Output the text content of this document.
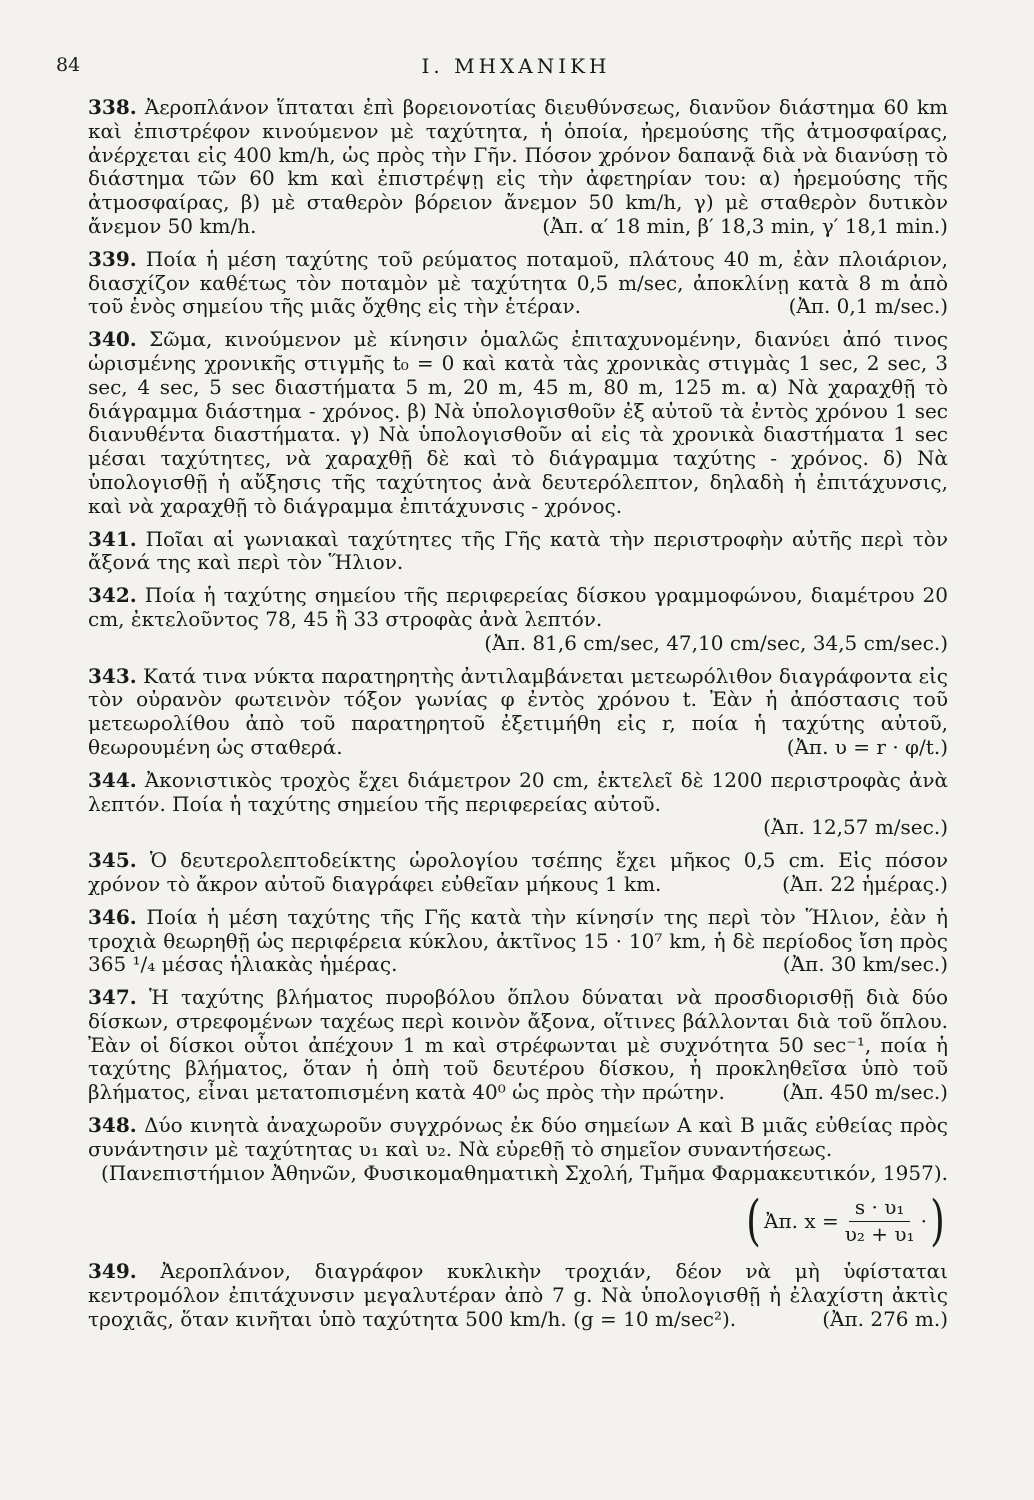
84	Ι. ΜΗΧΑΝΙΚΗ
338. Ἀεροπλάνον ἵπταται ἐπὶ βορειονοτίας διευθύνσεως, διανῦον διάστημα 60 km καὶ ἐπιστρέφον κινούμενον μὲ ταχύτητα, ἡ ὁποία, ἠρεμούσης τῆς ἀτμοσφαίρας, ἀνέρχεται εἰς 400 km/h, ὡς πρὸς τὴν Γῆν. Πόσον χρόνον δαπανᾷ διὰ νὰ διανύσῃ τὸ διάστημα τῶν 60 km καὶ ἐπιστρέψῃ εἰς τὴν ἀφετηρίαν του: α) ἠρεμούσης τῆς ἀτμοσφαίρας, β) μὲ σταθερὸν βόρειον ἄνεμον 50 km/h, γ) μὲ σταθερὸν δυτικὸν ἄνεμον 50 km/h.	(Ἀπ. α′ 18 min, β′ 18,3 min, γ′ 18,1 min.)
339. Ποία ἡ μέση ταχύτης τοῦ ρεύματος ποταμοῦ, πλάτους 40 m, ἐὰν πλοιάριον, διασχίζον καθέτως τὸν ποταμὸν μὲ ταχύτητα 0,5 m/sec, ἀποκλίνῃ κατὰ 8 m ἀπὸ τοῦ ἑνὸς σημείου τῆς μιᾶς ὄχθης εἰς τὴν ἑτέραν.	(Ἀπ. 0,1 m/sec.)
340. Σῶμα, κινούμενον μὲ κίνησιν ὁμαλῶς ἐπιταχυνομένην, διανύει ἀπό τινος ὡρισμένης χρονικῆς στιγμῆς t₀ = 0 καὶ κατὰ τὰς χρονικὰς στιγμὰς 1 sec, 2 sec, 3 sec, 4 sec, 5 sec διαστήματα 5 m, 20 m, 45 m, 80 m, 125 m. α) Νὰ χαραχθῇ τὸ διάγραμμα διάστημα - χρόνος. β) Νὰ ὑπολογισθοῦν ἐξ αὐτοῦ τὰ ἐντὸς χρόνου 1 sec διανυθέντα διαστήματα. γ) Νὰ ὑπολογισθοῦν αἱ εἰς τὰ χρονικὰ διαστήματα 1 sec μέσαι ταχύτητες, νὰ χαραχθῇ δὲ καὶ τὸ διάγραμμα ταχύτης - χρόνος. δ) Νὰ ὑπολογισθῇ ἡ αὔξησις τῆς ταχύτητος ἀνὰ δευτερόλεπτον, δηλαδὴ ἡ ἐπιτάχυνσις, καὶ νὰ χαραχθῇ τὸ διάγραμμα ἐπιτάχυνσις - χρόνος.
341. Ποῖαι αἱ γωνιακαὶ ταχύτητες τῆς Γῆς κατὰ τὴν περιστροφὴν αὐτῆς περὶ τὸν ἄξονά της καὶ περὶ τὸν Ἥλιον.
342. Ποία ἡ ταχύτης σημείου τῆς περιφερείας δίσκου γραμμοφώνου, διαμέτρου 20 cm, ἐκτελοῦντος 78, 45 ἢ 33 στροφὰς ἀνὰ λεπτόν.
(Ἀπ. 81,6 cm/sec, 47,10 cm/sec, 34,5 cm/sec.)
343. Κατά τινα νύκτα παρατηρητὴς ἀντιλαμβάνεται μετεωρόλιθον διαγράφοντα εἰς τὸν οὐρανὸν φωτεινὸν τόξον γωνίας φ ἐντὸς χρόνου t. Ἐὰν ἡ ἀπόστασις τοῦ μετεωρολίθου ἀπὸ τοῦ παρατηρητοῦ ἐξετιμήθη εἰς r, ποία ἡ ταχύτης αὐτοῦ, θεωρουμένη ὡς σταθερά.	(Ἀπ. υ = r · φ/t.)
344. Ἀκονιστικὸς τροχὸς ἔχει διάμετρον 20 cm, ἐκτελεῖ δὲ 1200 περιστροφὰς ἀνὰ λεπτόν. Ποία ἡ ταχύτης σημείου τῆς περιφερείας αὐτοῦ.
(Ἀπ. 12,57 m/sec.)
345. Ὁ δευτερολεπτοδείκτης ὡρολογίου τσέπης ἔχει μῆκος 0,5 cm. Εἰς πόσον χρόνον τὸ ἄκρον αὐτοῦ διαγράφει εὐθεῖαν μήκους 1 km.	(Ἀπ. 22 ἡμέρας.)
346. Ποία ἡ μέση ταχύτης τῆς Γῆς κατὰ τὴν κίνησίν της περὶ τὸν Ἥλιον, ἐὰν ἡ τροχιὰ θεωρηθῇ ὡς περιφέρεια κύκλου, ἀκτῖνος 15 · 10⁷ km, ἡ δὲ περίοδος ἴση πρὸς 365 ¹/₄ μέσας ἡλιακὰς ἡμέρας.	(Ἀπ. 30 km/sec.)
347. Ἡ ταχύτης βλήματος πυροβόλου ὅπλου δύναται νὰ προσδιορισθῇ διὰ δύο δίσκων, στρεφομένων ταχέως περὶ κοινὸν ἄξονα, οἵτινες βάλλονται διὰ τοῦ ὅπλου. Ἐὰν οἱ δίσκοι οὗτοι ἀπέχουν 1 m καὶ στρέφωνται μὲ συχνότητα 50 sec⁻¹, ποία ἡ ταχύτης βλήματος, ὅταν ἡ ὀπὴ τοῦ δευτέρου δίσκου, ἡ προκληθεῖσα ὑπὸ τοῦ βλήματος, εἶναι μετατοπισμένη κατὰ 40⁰ ὡς πρὸς τὴν πρώτην.	(Ἀπ. 450 m/sec.)
348. Δύο κινητὰ ἀναχωροῦν συγχρόνως ἐκ δύο σημείων Α καὶ Β μιᾶς εὐθείας πρὸς συνάντησιν μὲ ταχύτητας υ₁ καὶ υ₂. Νὰ εὑρεθῇ τὸ σημεῖον συναντήσεως.
(Πανεπιστήμιον Ἀθηνῶν, Φυσικομαθηματικὴ Σχολή, Τμῆμα Φαρμακευτικόν, 1957).
( Ἀπ. $x = \frac{\text{s · υ₁}}{\text{υ₂ + υ₁}}$ · )
349. Ἀεροπλάνον, διαγράφον κυκλικὴν τροχιάν, δέον νὰ μὴ ὑφίσταται κεντρομόλον ἐπιτάχυνσιν μεγαλυτέραν ἀπὸ 7 g. Νὰ ὑπολογισθῇ ἡ ἐλαχίστη ἀκτὶς τροχιᾶς, ὅταν κινῆται ὑπὸ ταχύτητα 500 km/h. (g = 10 m/sec²).	(Ἀπ. 276 m.)
